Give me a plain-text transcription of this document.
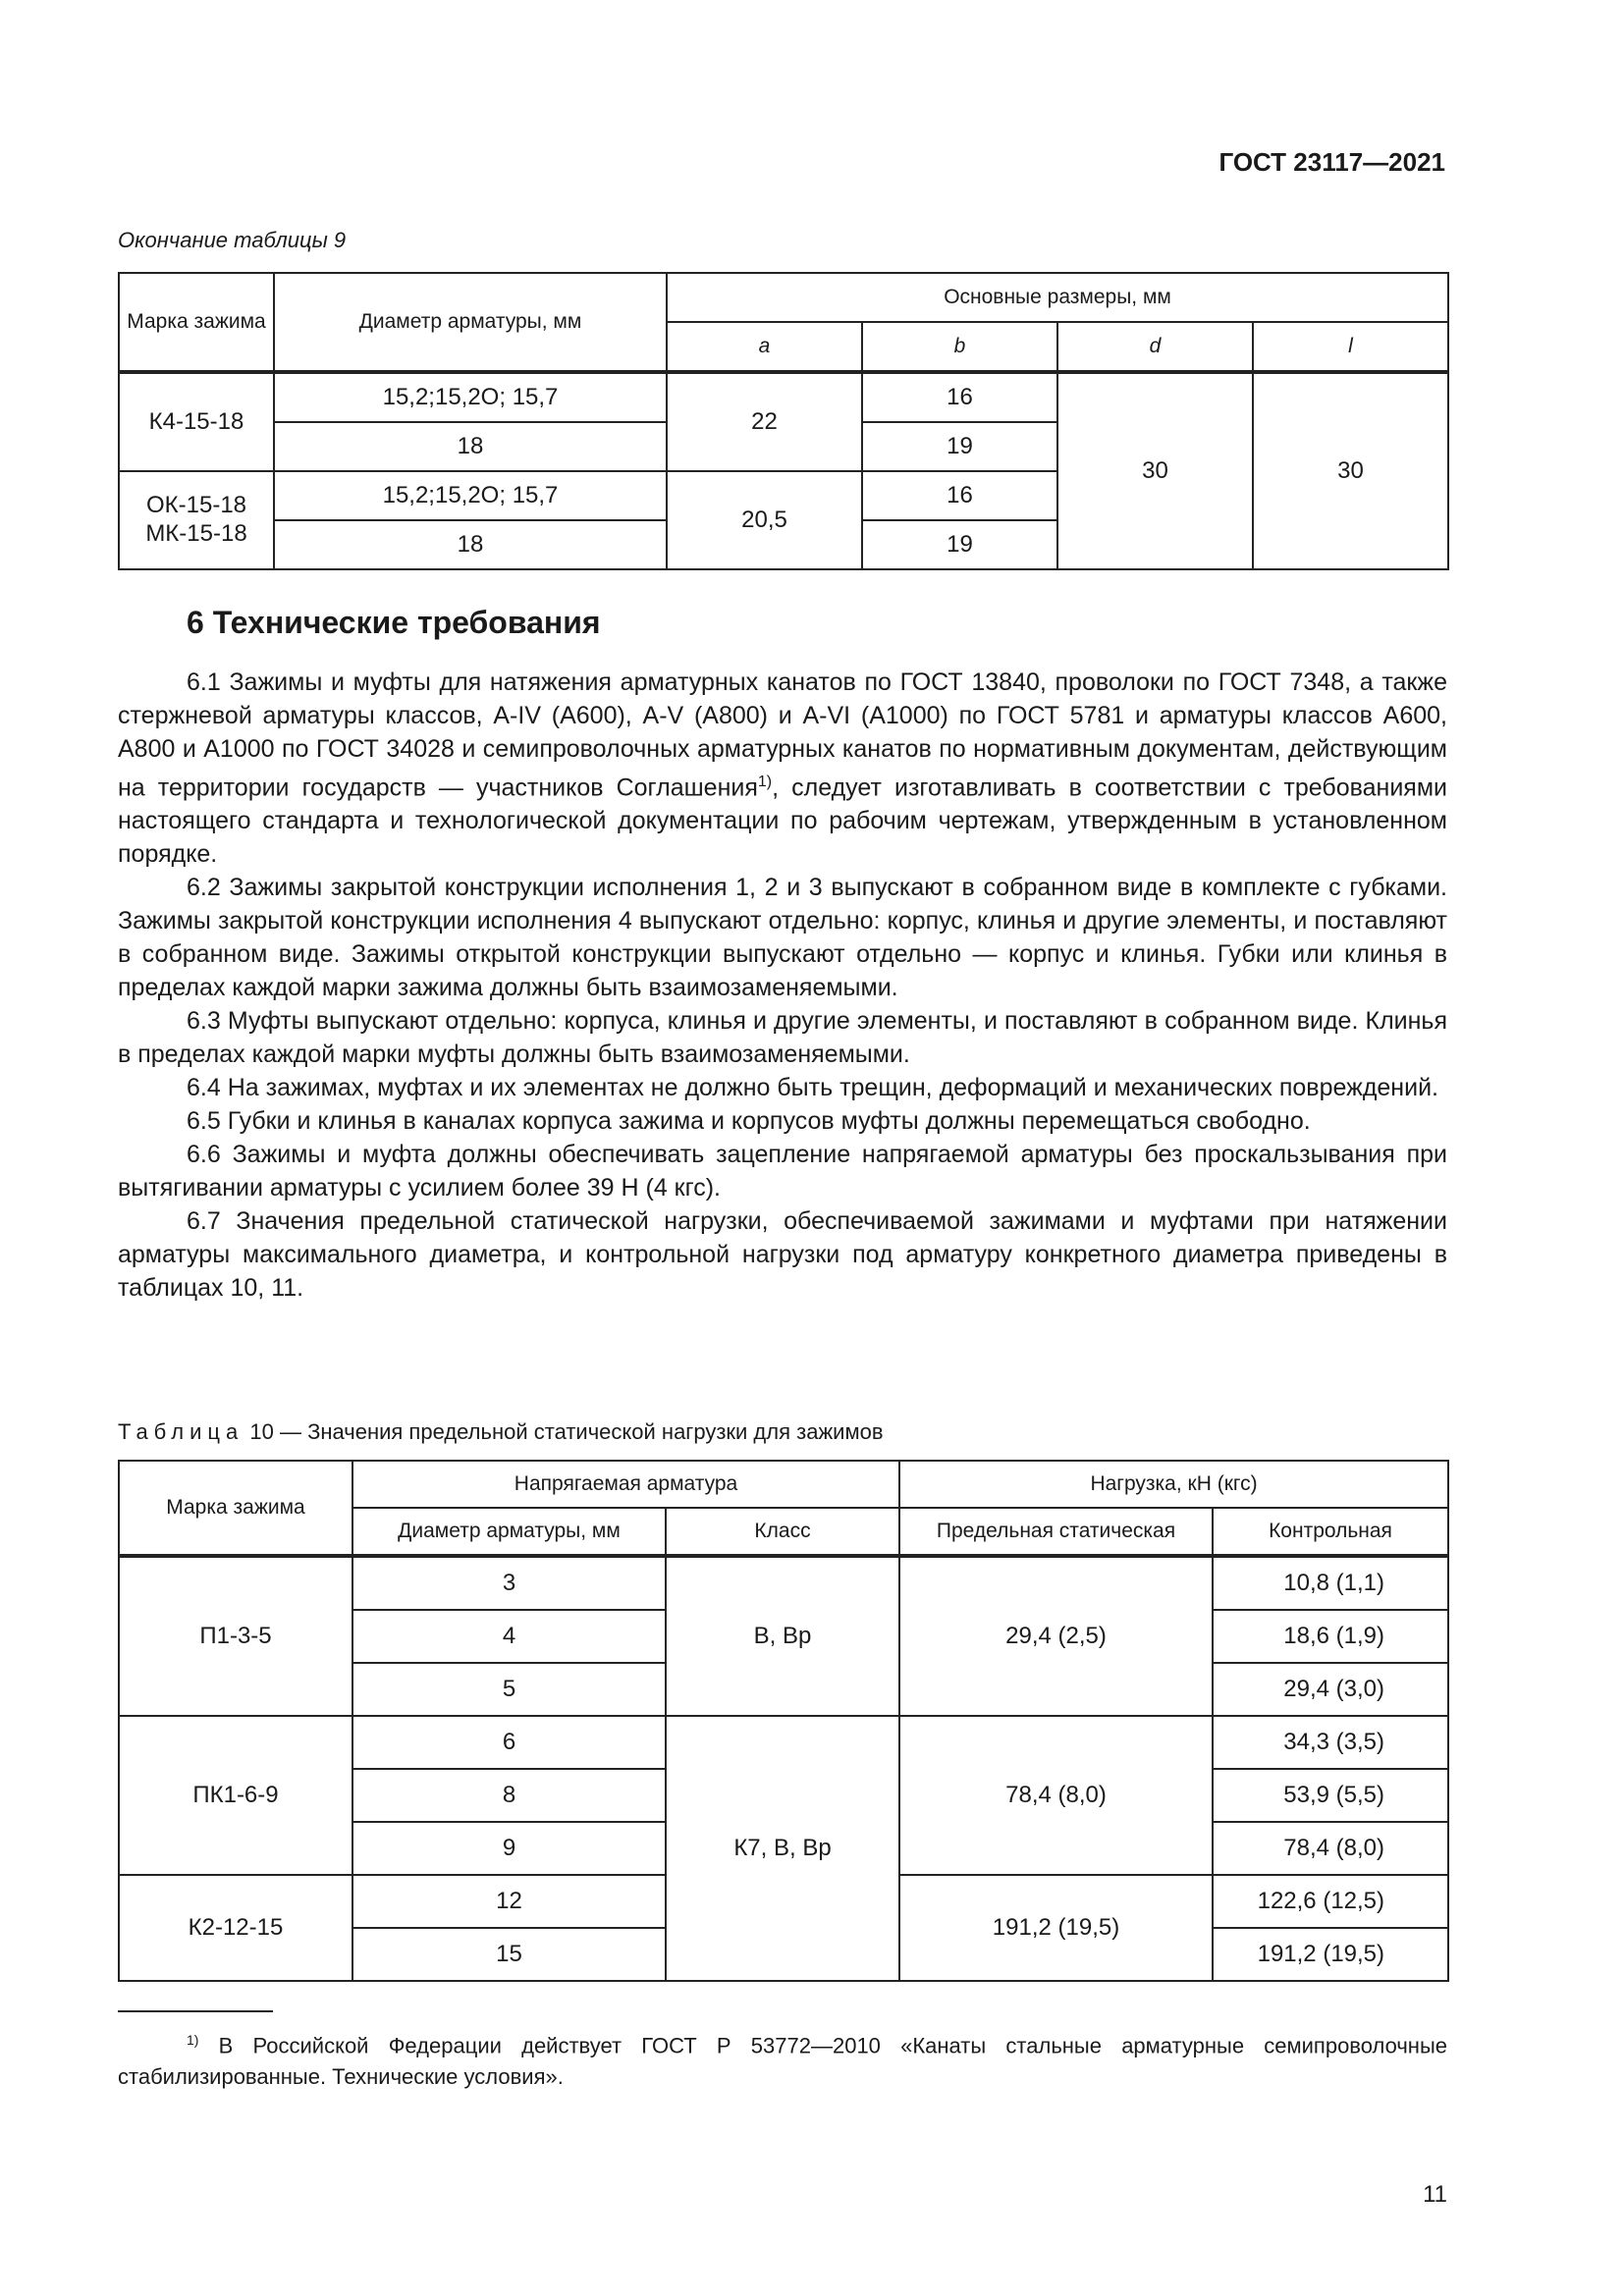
ГОСТ 23117—2021
Окончание таблицы 9
Марка зажима	Диаметр арматуры, мм	Основные размеры, мм			
		a	b	d	l
К4-15-18	15,2;15,2О; 15,7	22	16	30	30
	18		19		
ОК-15-18 МК-15-18	15,2;15,2О; 15,7	20,5	16		
	18		19		
6 Технические требования

6.1 Зажимы и муфты для натяжения арматурных канатов по ГОСТ 13840, проволоки по ГОСТ 7348, а также стержневой арматуры классов, А-IV (А600), А-V (А800) и А-VI (А1000) по ГОСТ 5781 и арматуры классов А600, А800 и А1000 по ГОСТ 34028 и семипроволочных арматурных канатов по нормативным документам, действующим на территории государств — участников Соглашения$^{1)}$, следует изготавливать в соответствии с требованиями настоящего стандарта и технологической документации по рабочим чертежам, утвержденным в установленном порядке.

6.2 Зажимы закрытой конструкции исполнения 1, 2 и 3 выпускают в собранном виде в комплекте с губками. Зажимы закрытой конструкции исполнения 4 выпускают отдельно: корпус, клинья и другие элементы, и поставляют в собранном виде. Зажимы открытой конструкции выпускают отдельно — корпус и клинья. Губки или клинья в пределах каждой марки зажима должны быть взаимозаменяемыми.

6.3 Муфты выпускают отдельно: корпуса, клинья и другие элементы, и поставляют в собранном виде. Клинья в пределах каждой марки муфты должны быть взаимозаменяемыми.

6.4 На зажимах, муфтах и их элементах не должно быть трещин, деформаций и механических повреждений.

6.5 Губки и клинья в каналах корпуса зажима и корпусов муфты должны перемещаться свободно.

6.6 Зажимы и муфта должны обеспечивать зацепление напрягаемой арматуры без проскальзывания при вытягивании арматуры с усилием более 39 Н (4 кгс).

6.7 Значения предельной статической нагрузки, обеспечиваемой зажимами и муфтами при натяжении арматуры максимального диаметра, и контрольной нагрузки под арматуру конкретного диаметра приведены в таблицах 10, 11.

Таблица 10 — Значения предельной статической нагрузки для зажимов
Марка зажима	Напрягаемая арматура		Нагрузка, кН (кгс)	
	Диаметр арматуры, мм	Класс	Предельная статическая	Контрольная
П1-3-5	3	В, Вр	29,4 (2,5)	10,8 (1,1)
	4			18,6 (1,9)
	5			29,4 (3,0)
ПК1-6-9	6	К7, В, Вр	78,4 (8,0)	34,3 (3,5)
	8			53,9 (5,5)
	9			78,4 (8,0)
К2-12-15	12		191,2 (19,5)	122,6 (12,5)
	15			191,2 (19,5)

$^{1)}$ В Российской Федерации действует ГОСТ Р 53772—2010 «Канаты стальные арматурные семипроволочные стабилизированные. Технические условия».

11
